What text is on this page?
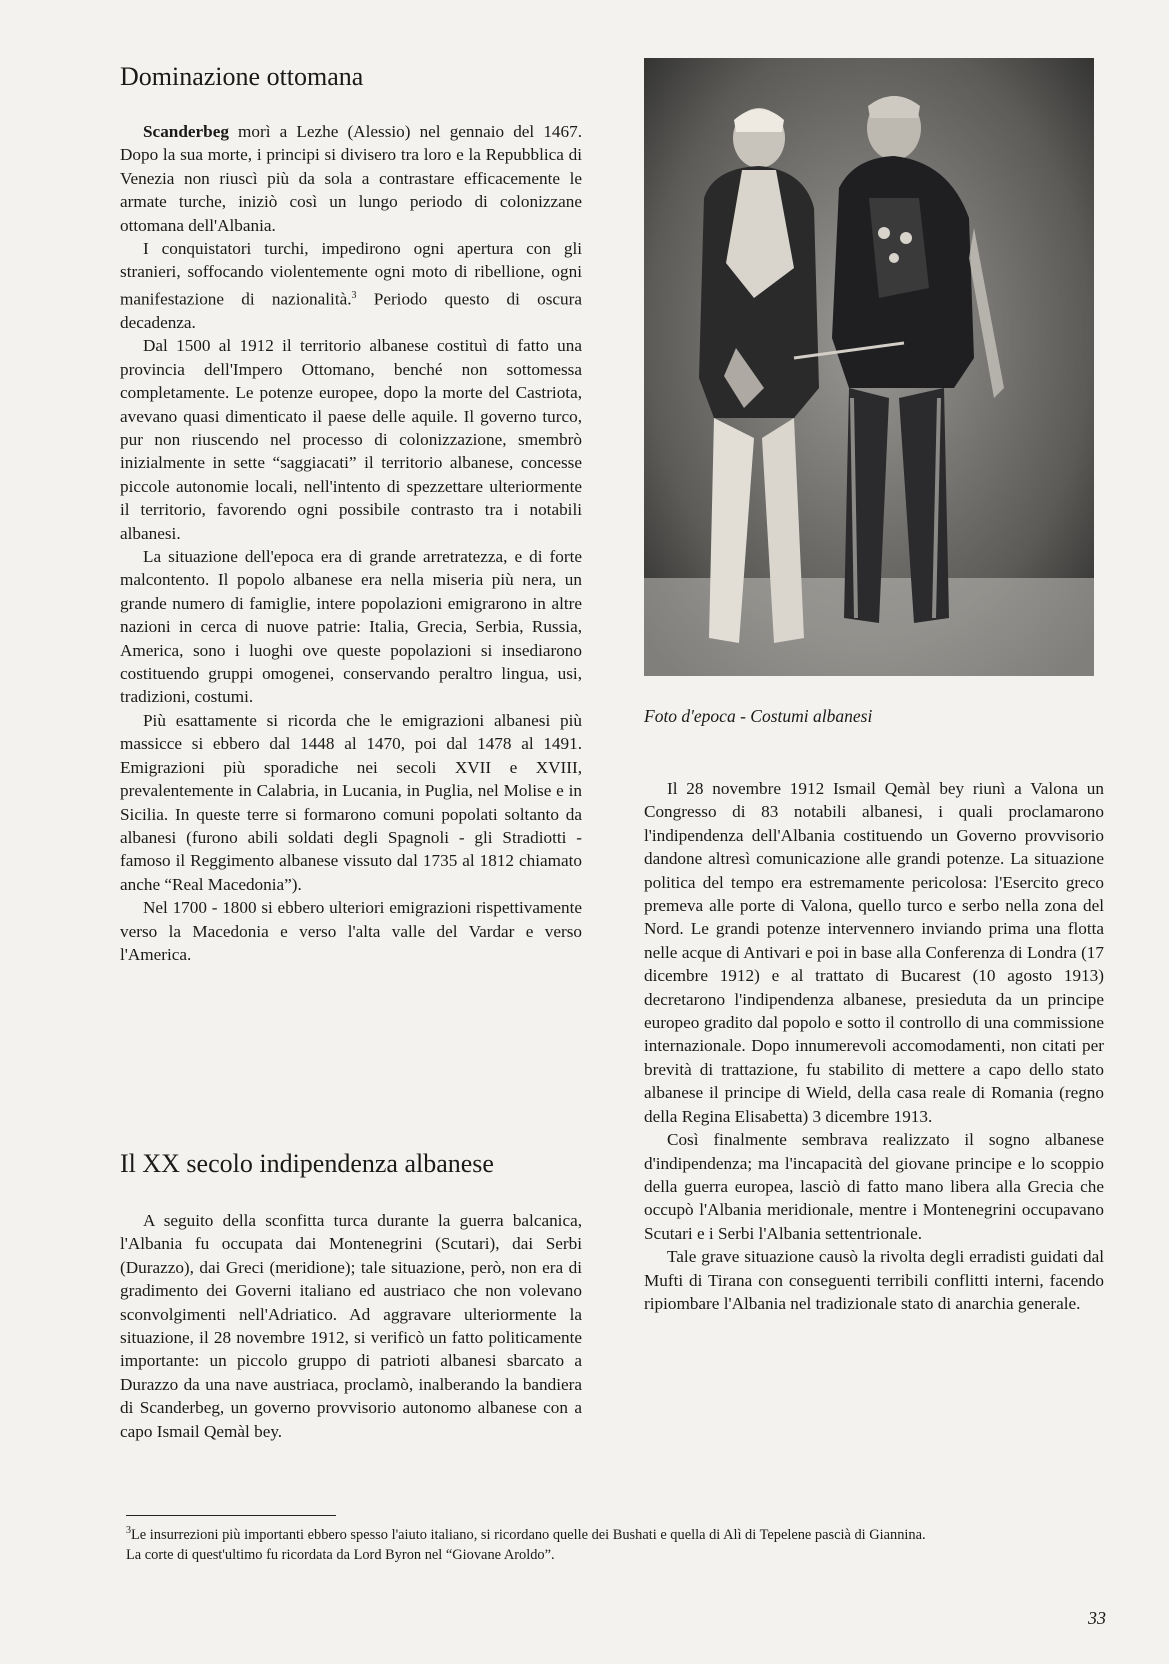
Dominazione ottomana

Scanderbeg morì a Lezhe (Alessio) nel gennaio del 1467. Dopo la sua morte, i principi si divisero tra loro e la Repubblica di Venezia non riuscì più da sola a contrastare efficacemente le armate turche, iniziò così un lungo periodo di colonizzane ottomana dell'Albania.

I conquistatori turchi, impedirono ogni apertura con gli stranieri, soffocando violentemente ogni moto di ribellione, ogni manifestazione di nazionalità.$^3$ Periodo questo di oscura decadenza.

Dal 1500 al 1912 il territorio albanese costituì di fatto una provincia dell'Impero Ottomano, benché non sottomessa completamente. Le potenze europee, dopo la morte del Castriota, avevano quasi dimenticato il paese delle aquile. Il governo turco, pur non riuscendo nel processo di colonizzazione, smembrò inizialmente in sette “saggiacati” il territorio albanese, concesse piccole autonomie locali, nell'intento di spezzettare ulteriormente il territorio, favorendo ogni possibile contrasto tra i notabili albanesi.

La situazione dell'epoca era di grande arretratezza, e di forte malcontento. Il popolo albanese era nella miseria più nera, un grande numero di famiglie, intere popolazioni emigrarono in altre nazioni in cerca di nuove patrie: Italia, Grecia, Serbia, Russia, America, sono i luoghi ove queste popolazioni si insediarono costituendo gruppi omogenei, conservando peraltro lingua, usi, tradizioni, costumi.

Più esattamente si ricorda che le emigrazioni albanesi più massicce si ebbero dal 1448 al 1470, poi dal 1478 al 1491. Emigrazioni più sporadiche nei secoli XVII e XVIII, prevalentemente in Calabria, in Lucania, in Puglia, nel Molise e in Sicilia. In queste terre si formarono comuni popolati soltanto da albanesi (furono abili soldati degli Spagnoli - gli Stradiotti - famoso il Reggimento albanese vissuto dal 1735 al 1812 chiamato anche “Real Macedonia”).

Nel 1700 - 1800 si ebbero ulteriori emigrazioni rispettivamente verso la Macedonia e verso l'alta valle del Vardar e verso l'America.

Il XX secolo indipendenza albanese

A seguito della sconfitta turca durante la guerra balcanica, l'Albania fu occupata dai Montenegrini (Scutari), dai Serbi (Durazzo), dai Greci (meridione); tale situazione, però, non era di gradimento dei Governi italiano ed austriaco che non volevano sconvolgimenti nell'Adriatico. Ad aggravare ulteriormente la situazione, il 28 novembre 1912, si verificò un fatto politicamente importante: un piccolo gruppo di patrioti albanesi sbarcato a Durazzo da una nave austriaca, proclamò, inalberando la bandiera di Scanderbeg, un governo provvisorio autonomo albanese con a capo Ismail Qemàl bey.

Foto d'epoca - Costumi albanesi

Il 28 novembre 1912 Ismail Qemàl bey riunì a Valona un Congresso di 83 notabili albanesi, i quali proclamarono l'indipendenza dell'Albania costituendo un Governo provvisorio dandone altresì comunicazione alle grandi potenze. La situazione politica del tempo era estremamente pericolosa: l'Esercito greco premeva alle porte di Valona, quello turco e serbo nella zona del Nord. Le grandi potenze intervennero inviando prima una flotta nelle acque di Antivari e poi in base alla Conferenza di Londra (17 dicembre 1912) e al trattato di Bucarest (10 agosto 1913) decretarono l'indipendenza albanese, presieduta da un principe europeo gradito dal popolo e sotto il controllo di una commissione internazionale. Dopo innumerevoli accomodamenti, non citati per brevità di trattazione, fu stabilito di mettere a capo dello stato albanese il principe di Wield, della casa reale di Romania (regno della Regina Elisabetta) 3 dicembre 1913.

Così finalmente sembrava realizzato il sogno albanese d'indipendenza; ma l'incapacità del giovane principe e lo scoppio della guerra europea, lasciò di fatto mano libera alla Grecia che occupò l'Albania meridionale, mentre i Montenegrini occupavano Scutari e i Serbi l'Albania settentrionale.

Tale grave situazione causò la rivolta degli erradisti guidati dal Mufti di Tirana con conseguenti terribili conflitti interni, facendo ripiombare l'Albania nel tradizionale stato di anarchia generale.

$^3$Le insurrezioni più importanti ebbero spesso l'aiuto italiano, si ricordano quelle dei Bushati e quella di Alì di Tepelene pascià di Giannina.
La corte di quest'ultimo fu ricordata da Lord Byron nel “Giovane Aroldo”.
33
